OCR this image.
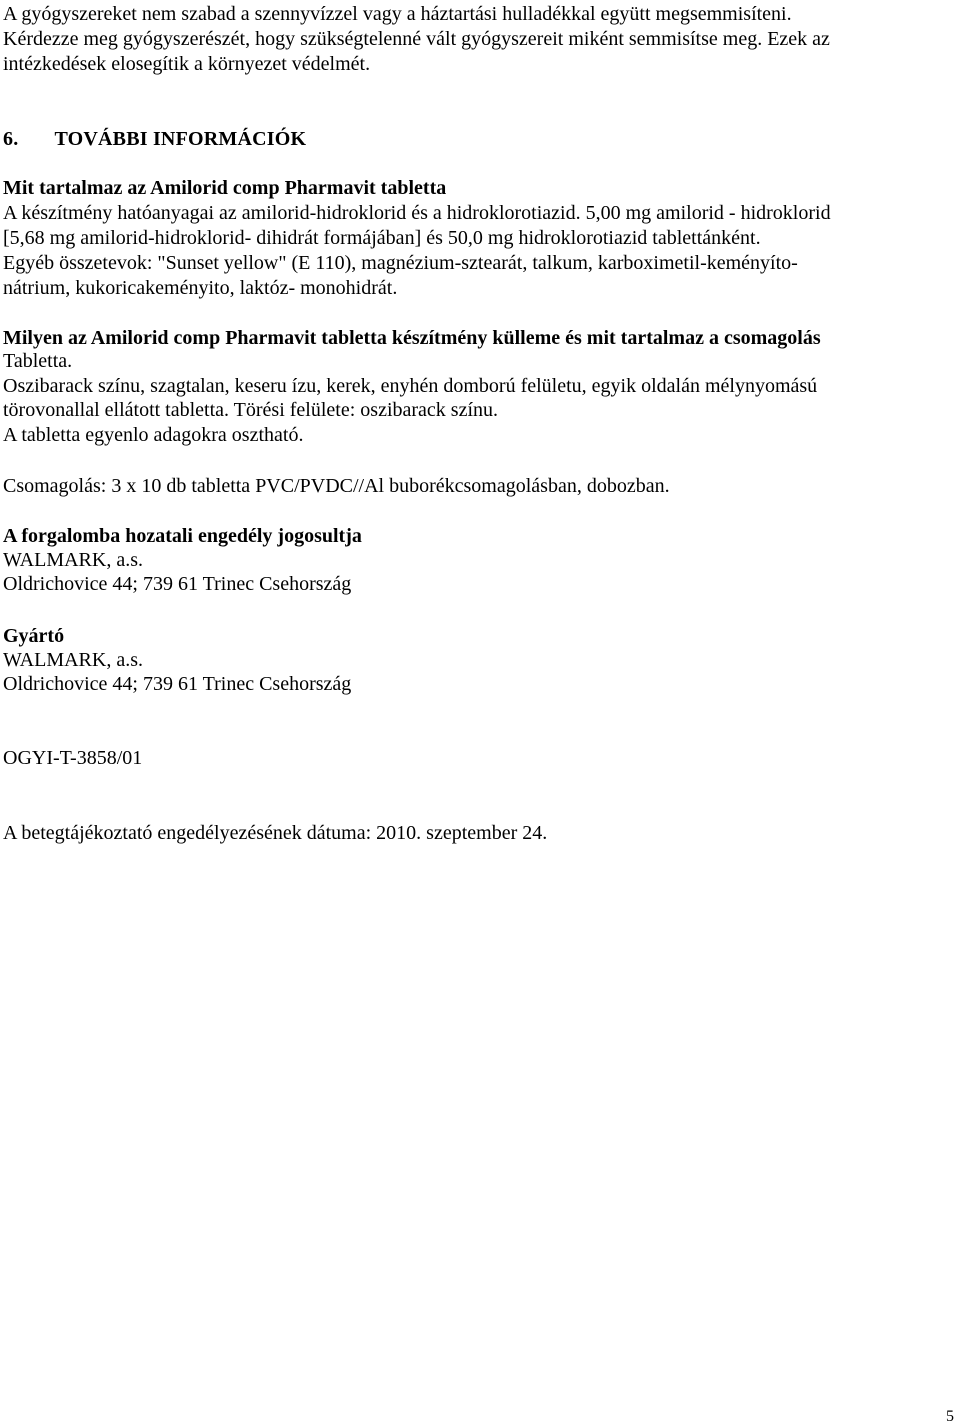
A gyógyszereket nem szabad a szennyvízzel vagy a háztartási hulladékkal együtt megsemmisíteni.
Kérdezze meg gyógyszerészét, hogy szükségtelenné vált gyógyszereit miként semmisítse meg. Ezek az
intézkedések elosegítik a környezet védelmét.
6. TOVÁBBI INFORMÁCIÓK
Mit tartalmaz az Amilorid comp Pharmavit tabletta
A készítmény hatóanyagai az amilorid-hidroklorid és a hidroklorotiazid. 5,00 mg amilorid - hidroklorid
[5,68 mg amilorid-hidroklorid- dihidrát formájában] és 50,0 mg hidroklorotiazid tablettánként.
Egyéb összetevok: "Sunset yellow" (E 110), magnézium-sztearát, talkum, karboximetil-keményíto-
nátrium, kukoricakeményito, laktóz- monohidrát.
Milyen az Amilorid comp Pharmavit tabletta készítmény külleme és mit tartalmaz a csomagolás
Tabletta.
Oszibarack színu, szagtalan, keseru ízu, kerek, enyhén domború felületu, egyik oldalán mélynyomású
törovonallal ellátott tabletta. Törési felülete: oszibarack színu.
A tabletta egyenlo adagokra osztható.
Csomagolás: 3 x 10 db tabletta PVC/PVDC//Al buborékcsomagolásban, dobozban.
A forgalomba hozatali engedély jogosultja
WALMARK, a.s.
Oldrichovice 44; 739 61 Trinec Csehország
Gyártó
WALMARK, a.s.
Oldrichovice 44; 739 61 Trinec Csehország
OGYI-T-3858/01
A betegtájékoztató engedélyezésének dátuma: 2010. szeptember 24.
5
